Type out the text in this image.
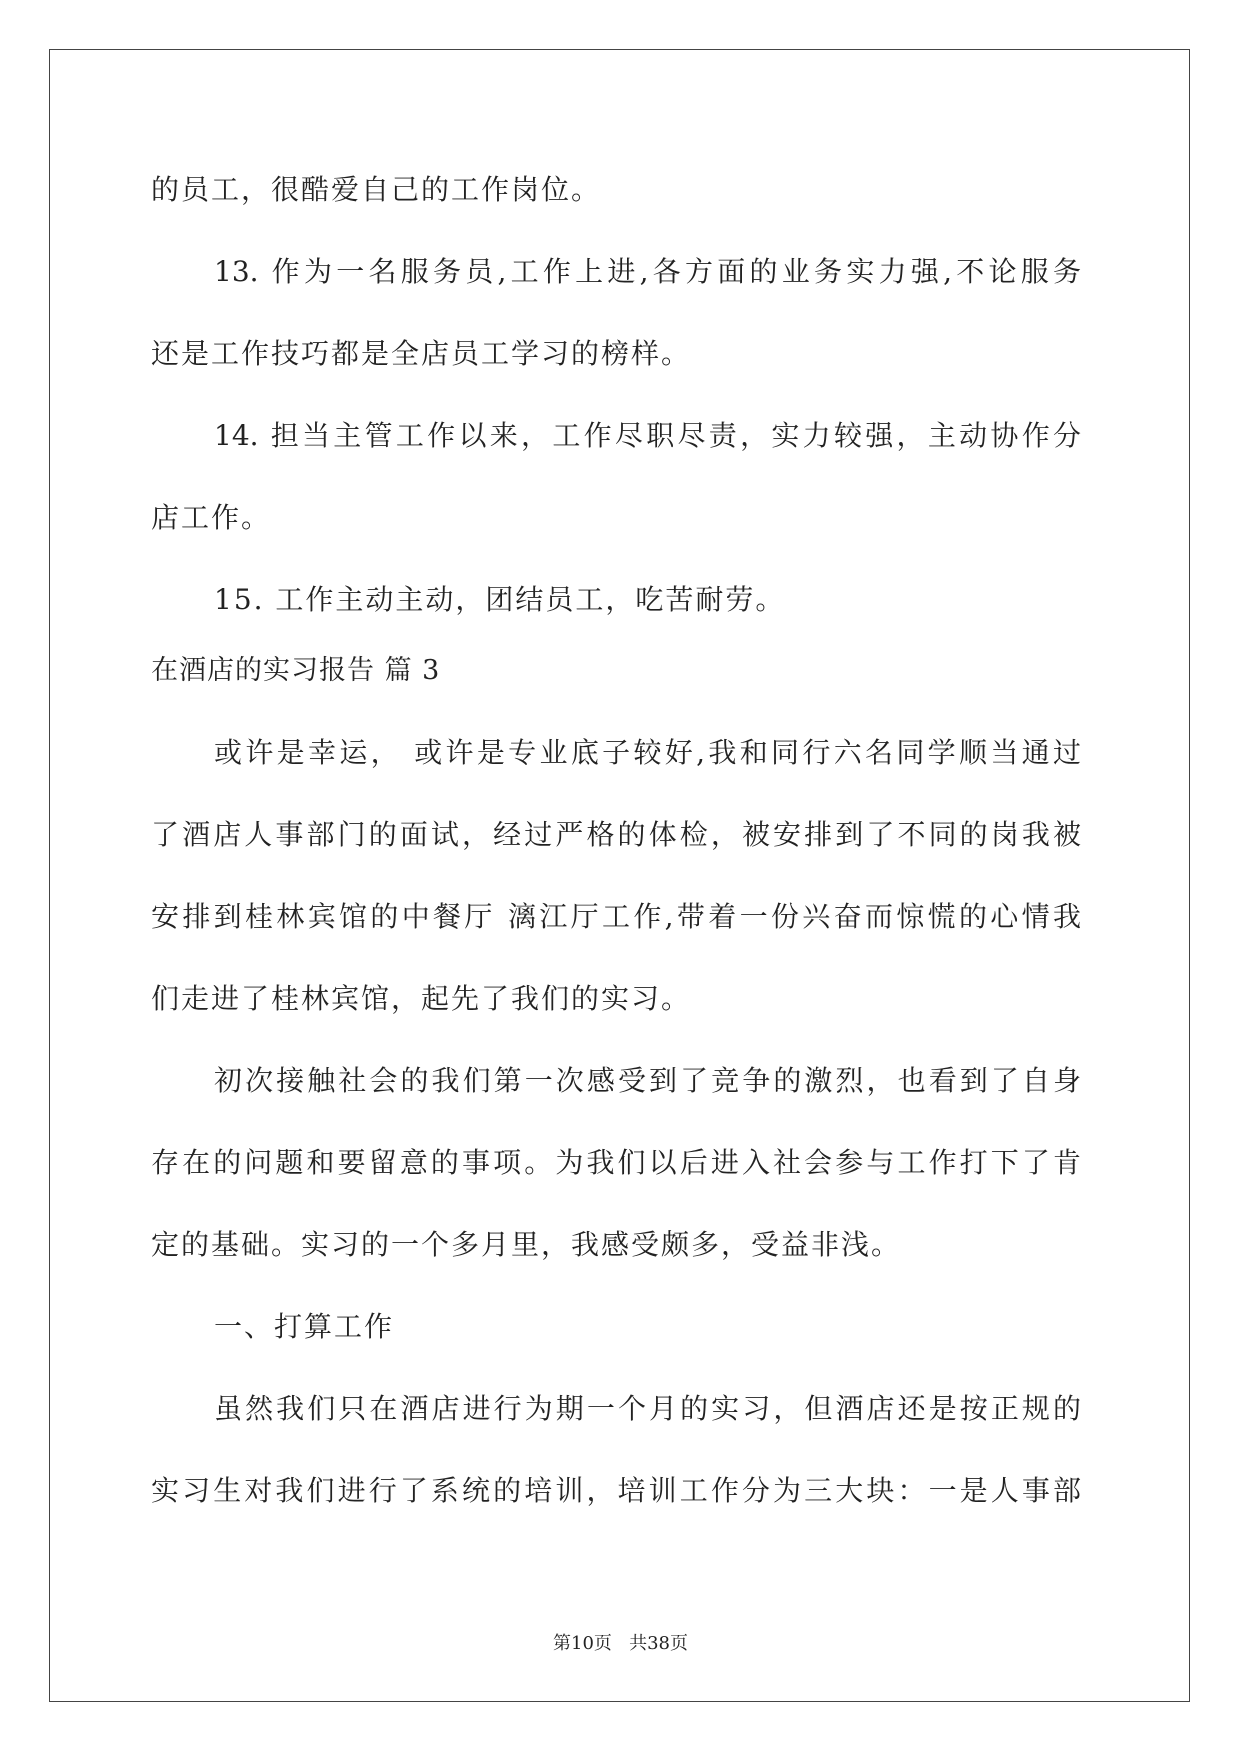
的员工，很酷爱自己的工作岗位。
13. 作为一名服务员,工作上进,各方面的业务实力强,不论服务
还是工作技巧都是全店员工学习的榜样。
14. 担当主管工作以来，工作尽职尽责，实力较强，主动协作分
店工作。
15. 工作主动主动，团结员工，吃苦耐劳。
在酒店的实习报告 篇 3
或许是幸运， 或许是专业底子较好,我和同行六名同学顺当通过
了酒店人事部门的面试，经过严格的体检，被安排到了不同的岗我被
安排到桂林宾馆的中餐厅 漓江厅工作,带着一份兴奋而惊慌的心情我
们走进了桂林宾馆，起先了我们的实习。
初次接触社会的我们第一次感受到了竞争的激烈，也看到了自身
存在的问题和要留意的事项。为我们以后进入社会参与工作打下了肯
定的基础。实习的一个多月里，我感受颇多，受益非浅。
一、打算工作
虽然我们只在酒店进行为期一个月的实习，但酒店还是按正规的
实习生对我们进行了系统的培训，培训工作分为三大块：一是人事部
第10页 共38页
